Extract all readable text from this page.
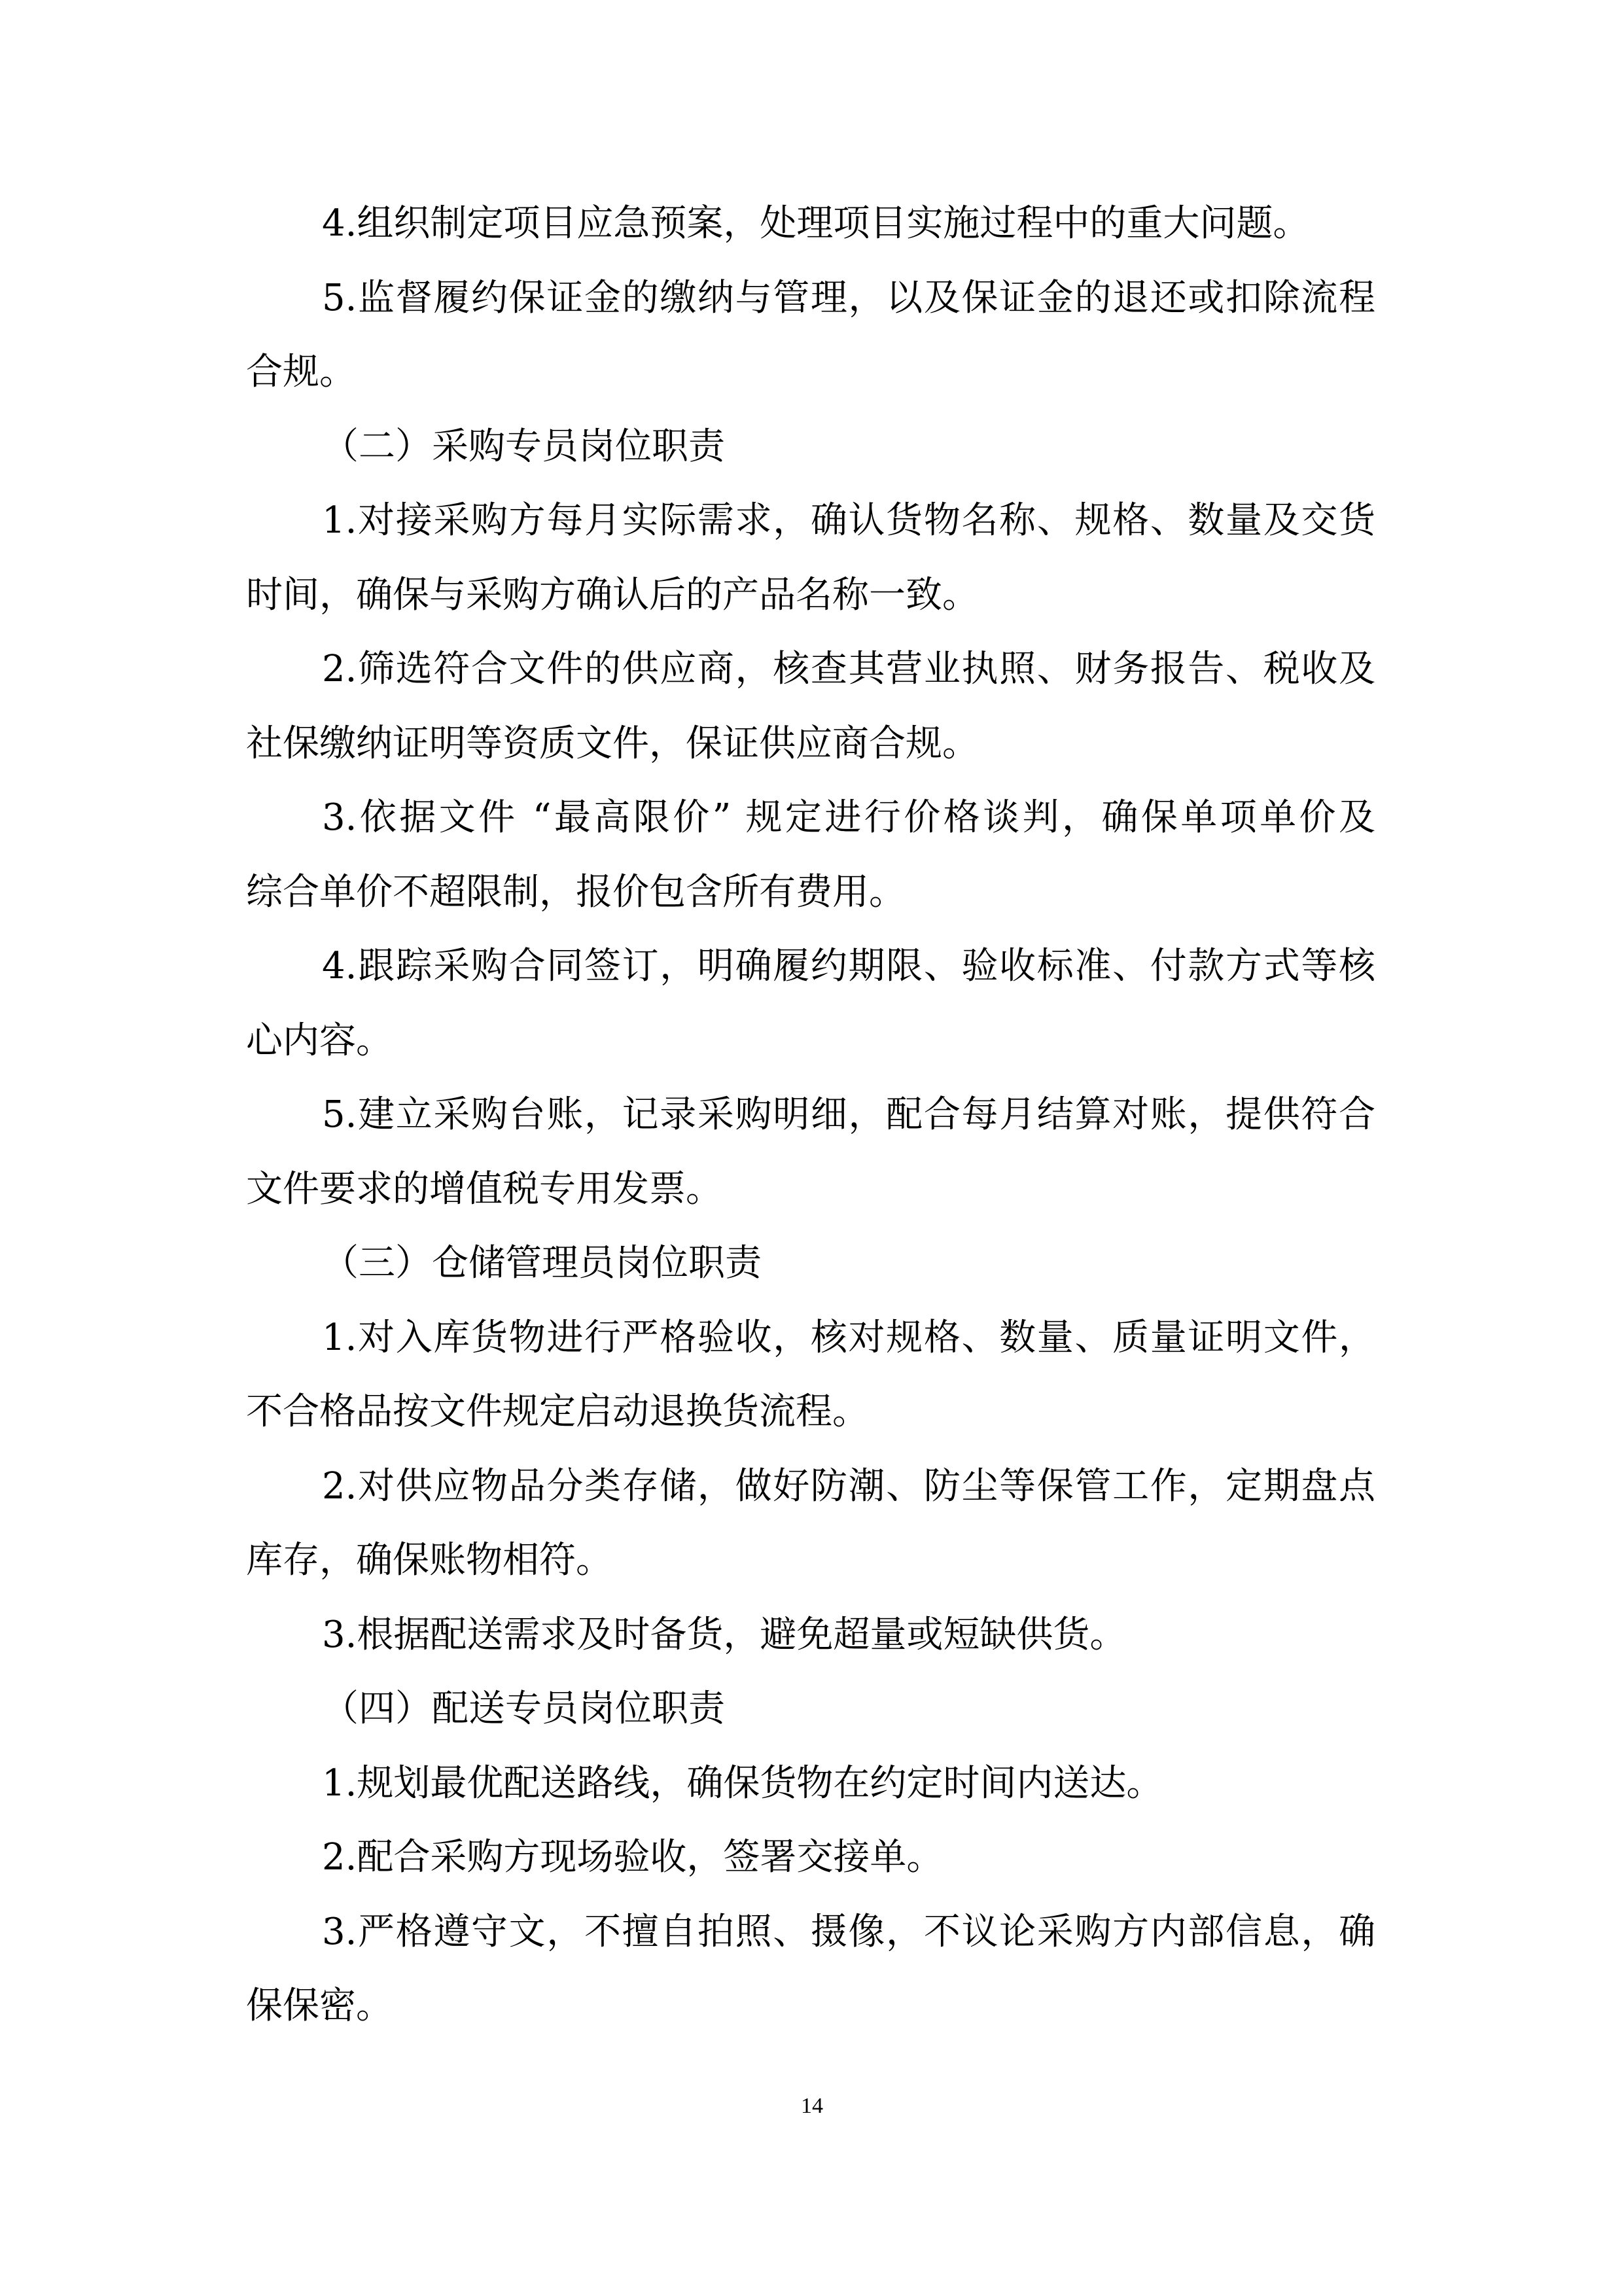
4.组织制定项目应急预案，处理项目实施过程中的重大问题。
5.监督履约保证金的缴纳与管理，以及保证金的退还或扣除流程
合规。
（二）采购专员岗位职责
1.对接采购方每月实际需求，确认货物名称、规格、数量及交货
时间，确保与采购方确认后的产品名称一致。
2.筛选符合文件的供应商，核查其营业执照、财务报告、税收及
社保缴纳证明等资质文件，保证供应商合规。
3.依据文件 “最高限价” 规定进行价格谈判，确保单项单价及
综合单价不超限制，报价包含所有费用。
4.跟踪采购合同签订，明确履约期限、验收标准、付款方式等核
心内容。
5.建立采购台账，记录采购明细，配合每月结算对账，提供符合
文件要求的增值税专用发票。
（三）仓储管理员岗位职责
1.对入库货物进行严格验收，核对规格、数量、质量证明文件，
不合格品按文件规定启动退换货流程。
2.对供应物品分类存储，做好防潮、防尘等保管工作，定期盘点
库存，确保账物相符。
3.根据配送需求及时备货，避免超量或短缺供货。
（四）配送专员岗位职责
1.规划最优配送路线，确保货物在约定时间内送达。
2.配合采购方现场验收，签署交接单。
3.严格遵守文，不擅自拍照、摄像，不议论采购方内部信息，确
保保密。
14
